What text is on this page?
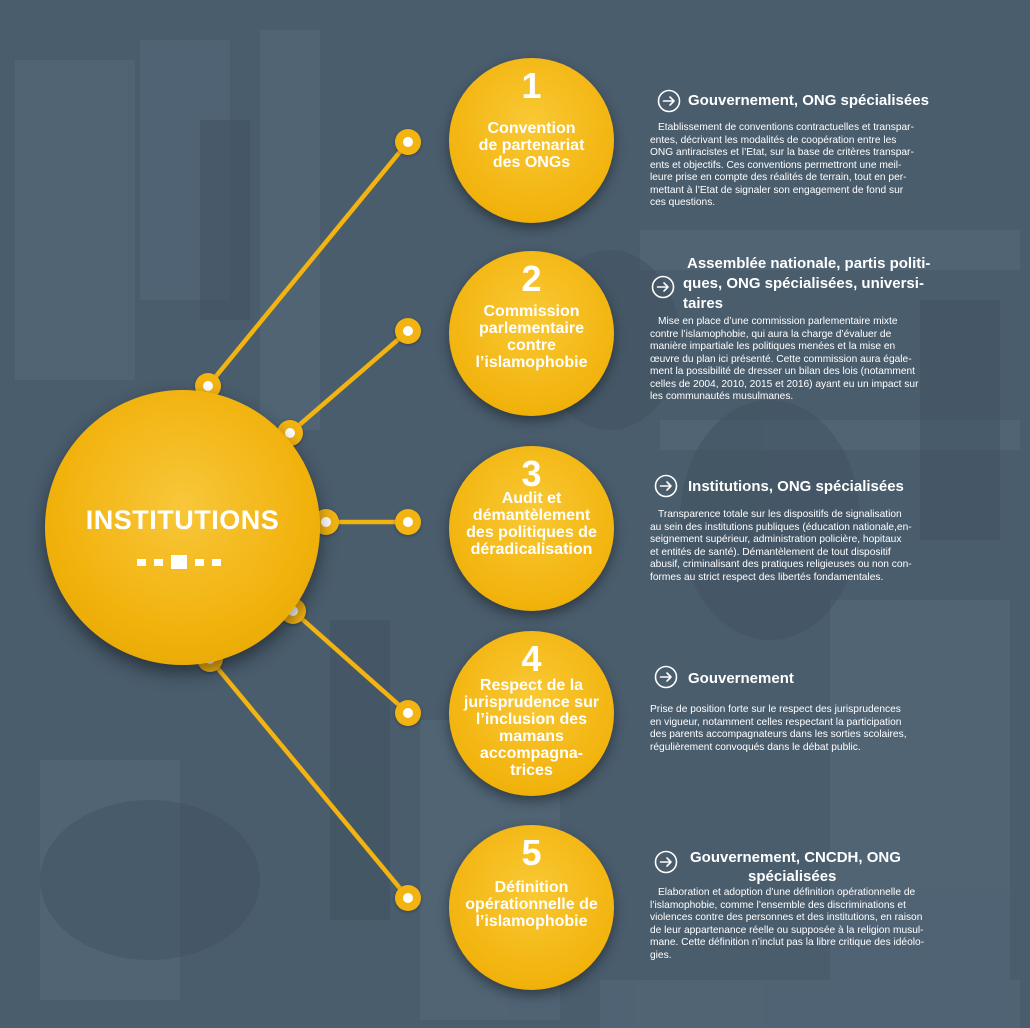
INSTITUTIONS
1
Convention
de partenariat
des ONGs
Gouvernement, ONG spécialisées
Etablissement de conventions contractuelles et transpar-
entes, décrivant les modalités de coopération entre les
ONG antiracistes et l’Etat, sur la base de critères transpar-
ents et objectifs. Ces conventions permettront une meil-
leure prise en compte des réalités de terrain, tout en per-
mettant à l’Etat de signaler son engagement de fond sur
ces questions.
2
Commission
parlementaire
contre
l’islamophobie
Assemblée nationale, partis politi-
ques, ONG spécialisées, universi-
taires
Mise en place d’une commission parlementaire mixte
contre l’islamophobie, qui aura la charge d’évaluer de
manière impartiale les politiques menées et la mise en
œuvre du plan ici présenté. Cette commission aura égale-
ment la possibilité de dresser un bilan des lois (notamment
celles de 2004, 2010, 2015 et 2016) ayant eu un impact sur
les communautés musulmanes.
3
Audit et
démantèlement
des politiques de
déradicalisation
Institutions, ONG spécialisées
Transparence totale sur les dispositifs de signalisation
au sein des institutions publiques (éducation nationale,en-
seignement supérieur, administration policière, hopitaux
et entités de santé). Démantèlement de tout dispositif
abusif, criminalisant des pratiques religieuses ou non con-
formes au strict respect des libertés fondamentales.
4
Respect de la
jurisprudence sur
l’inclusion des
mamans
accompagna-
trices
Gouvernement
Prise de position forte sur le respect des jurisprudences
en vigueur, notamment celles respectant la participation
des parents accompagnateurs dans les sorties scolaires,
régulièrement convoqués dans le débat public.
5
Définition
opérationnelle de
l’islamophobie
Gouvernement, CNCDH, ONG
spécialisées
Elaboration et adoption d’une définition opérationnelle de
l’islamophobie, comme l’ensemble des discriminations et
violences contre des personnes et des institutions, en raison
de leur appartenance réelle ou supposée à la religion musul-
mane. Cette définition n’inclut pas la libre critique des idéolo-
gies.
